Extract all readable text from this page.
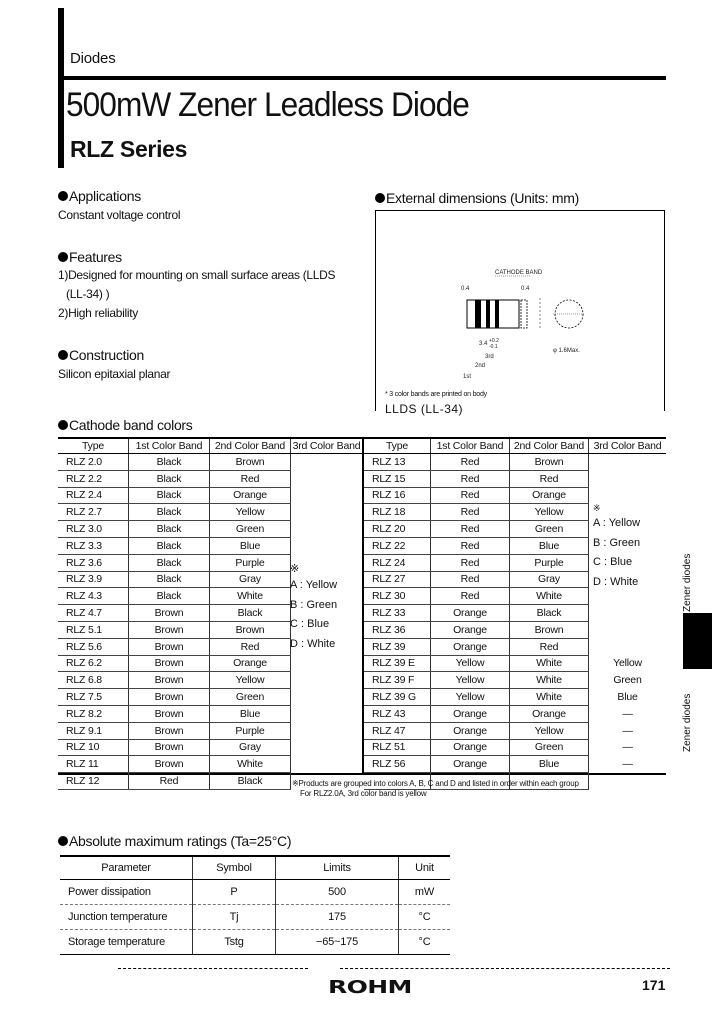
Diodes
500mW Zener Leadless Diode
RLZ Series
Applications
Constant voltage control
Features
1)Designed for mounting on small surface areas (LLDS
(LL-34) )
2)High reliability
Construction
Silicon epitaxial planar
External dimensions (Units: mm)
CATHODE BAND
0.4	0.4
3.4 +0.2
-0.1
φ 1.6Max.
3rd
2nd
1st
* 3 color bands are printed on body
LLDS (LL-34)
Cathode band colors
Type	1st Color Band	2nd Color Band	3rd Color Band
RLZ 2.0	Black	Brown	
RLZ 2.2	Black	Red	
RLZ 2.4	Black	Orange	
RLZ 2.7	Black	Yellow	
RLZ 3.0	Black	Green	
RLZ 3.3	Black	Blue	
RLZ 3.6	Black	Purple	
RLZ 3.9	Black	Gray	
RLZ 4.3	Black	White	
RLZ 4.7	Brown	Black	
RLZ 5.1	Brown	Brown	
RLZ 5.6	Brown	Red	
RLZ 6.2	Brown	Orange	
RLZ 6.8	Brown	Yellow	
RLZ 7.5	Brown	Green	
RLZ 8.2	Brown	Blue	
RLZ 9.1	Brown	Purple	
RLZ 10	Brown	Gray	
RLZ 11	Brown	White	
RLZ 12	Red	Black	
Type	1st Color Band	2nd Color Band	3rd Color Band
RLZ 13	Red	Brown	
RLZ 15	Red	Red	
RLZ 16	Red	Orange	
RLZ 18	Red	Yellow	
RLZ 20	Red	Green	
RLZ 22	Red	Blue	
RLZ 24	Red	Purple	
RLZ 27	Red	Gray	
RLZ 30	Red	White	
RLZ 33	Orange	Black	
RLZ 36	Orange	Brown	
RLZ 39	Orange	Red	
RLZ 39 E	Yellow	White	Yellow
RLZ 39 F	Yellow	White	Green
RLZ 39 G	Yellow	White	Blue
RLZ 43	Orange	Orange	—
RLZ 47	Orange	Yellow	—
RLZ 51	Orange	Green	—
RLZ 56	Orange	Blue	—

※
A : Yellow
B : Green
C : Blue
D : White
※
A : Yellow
B : Green
C : Blue
D : White
※Products are grouped into colors A, B, C and D and listed in order within each group
For RLZ2.0A, 3rd color band is yellow
Absolute maximum ratings (Ta=25°C)
Parameter	Symbol	Limits	Unit
Power dissipation	P	500	mW
Junction temperature	Tj	175	°C
Storage temperature	Tstg	−65~175	°C
Zener diodes
Zener diodes
ROHM	171
